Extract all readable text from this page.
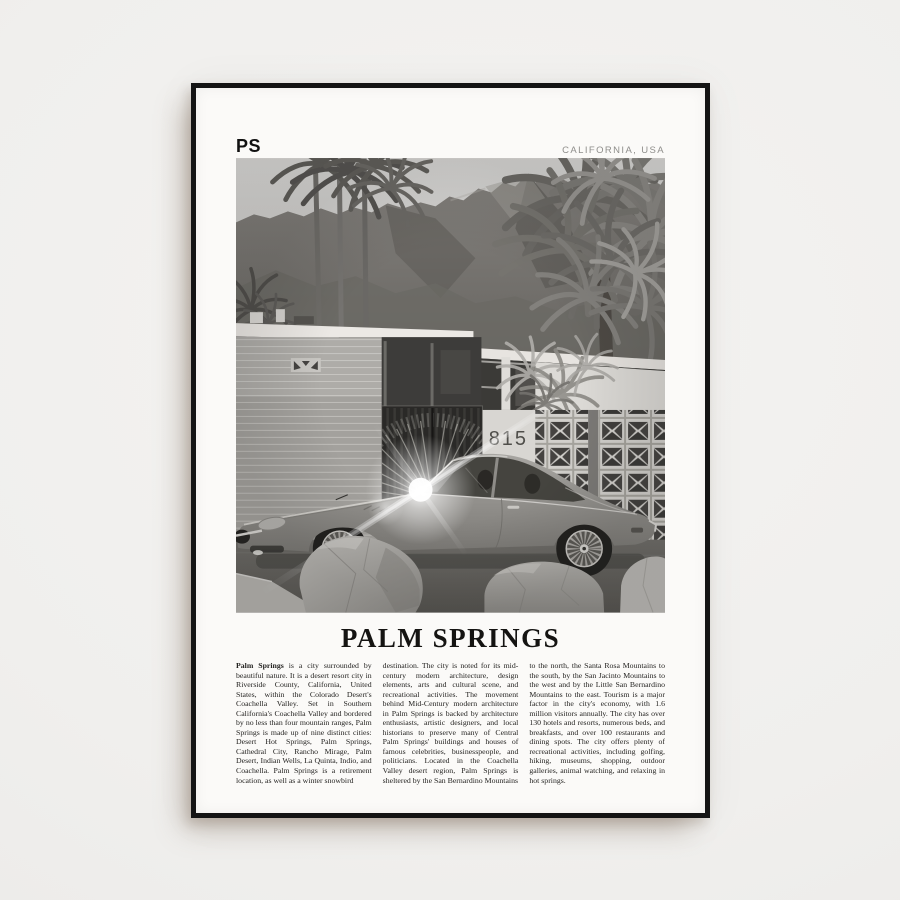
PS	CALIFORNIA, USA
PALM SPRINGS

Palm Springs is a city surrounded by beautiful nature. It is a desert resort city in Riverside County, California, United States, within the Colorado Desert's Coachella Valley. Set in Southern California's Coachella Valley and bordered by no less than four mountain ranges, Palm Springs is made up of nine distinct cities: Desert Hot Springs, Palm Springs, Cathedral City, Rancho Mirage, Palm Desert, Indian Wells, La Quinta, Indio, and Coachella. Palm Springs is a retirement location, as well as a winter snowbird

destination. The city is noted for its mid-century modern architecture, design elements, arts and cultural scene, and recreational activities. The movement behind Mid-Century modern architecture in Palm Springs is backed by architecture enthusiasts, artistic designers, and local historians to preserve many of Central Palm Springs' buildings and houses of famous celebrities, businesspeople, and politicians. Located in the Coachella Valley desert region, Palm Springs is sheltered by the San Bernardino Mountains

to the north, the Santa Rosa Mountains to the south, by the San Jacinto Mountains to the west and by the Little San Bernardino Mountains to the east. Tourism is a major factor in the city's economy, with 1.6 million visitors annually. The city has over 130 hotels and resorts, numerous beds, and breakfasts, and over 100 restaurants and dining spots. The city offers plenty of recreational activities, including golfing, hiking, museums, shopping, outdoor galleries, animal watching, and relaxing in hot springs.
